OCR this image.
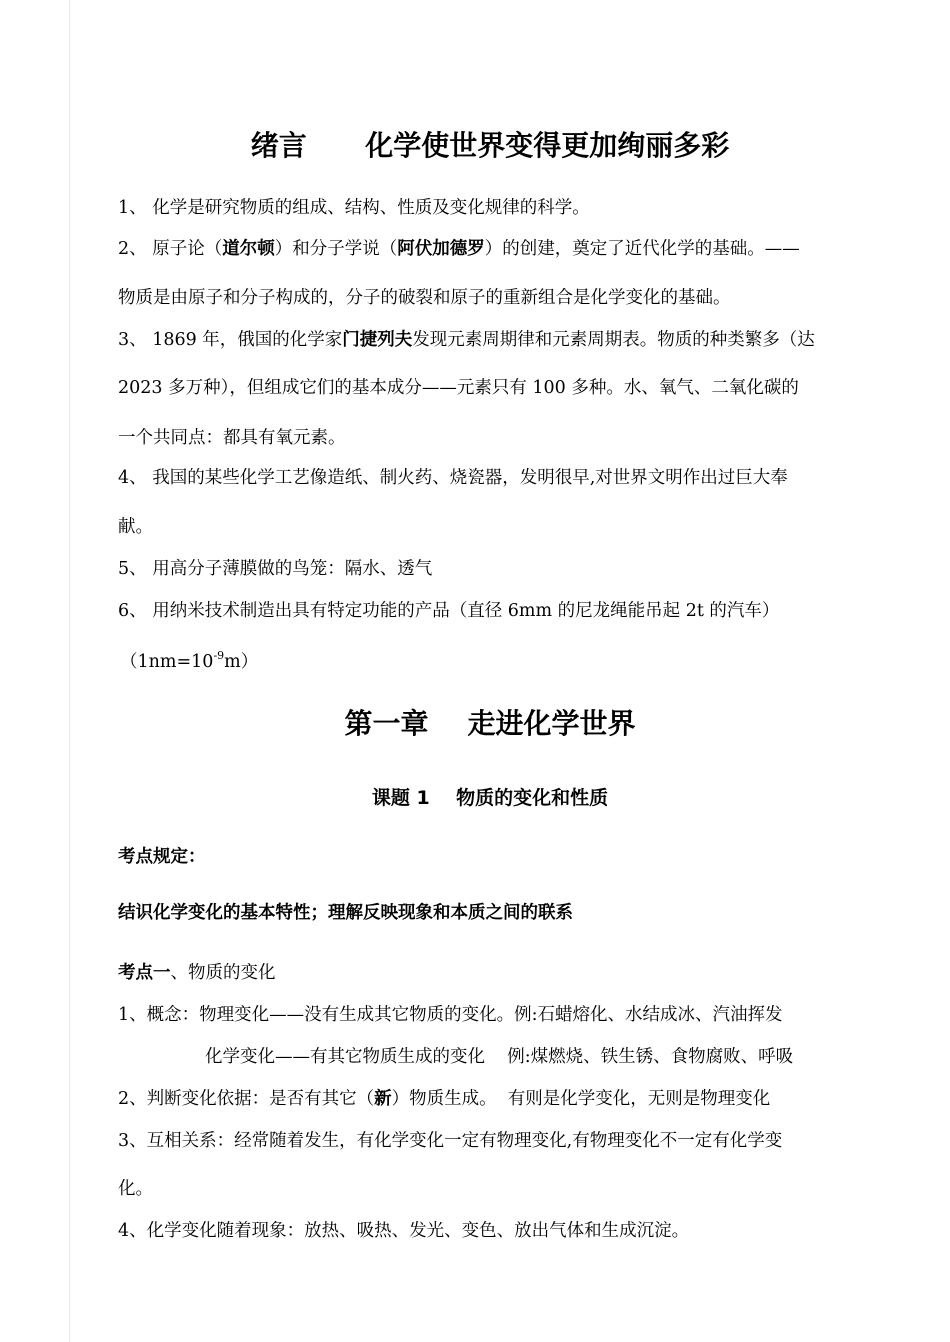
绪言      化学使世界变得更加绚丽多彩
1、 化学是研究物质的组成、结构、性质及变化规律的科学。
2、 原子论（道尔顿）和分子学说（阿伏加德罗）的创建，奠定了近代化学的基础。——
物质是由原子和分子构成的，分子的破裂和原子的重新组合是化学变化的基础。
3、 1869 年，俄国的化学家门捷列夫发现元素周期律和元素周期表。物质的种类繁多（达
2023 多万种），但组成它们的基本成分——元素只有 100 多种。水、氧气、二氧化碳的
一个共同点：都具有氧元素。
4、 我国的某些化学工艺像造纸、制火药、烧瓷器，发明很早,对世界文明作出过巨大奉
献。
5、 用高分子薄膜做的鸟笼：隔水、透气
6、 用纳米技术制造出具有特定功能的产品（直径 6mm 的尼龙绳能吊起 2t 的汽车）
$(1nm=10^{-9}m)$
第一章    走进化学世界
课题 1    物质的变化和性质
考点规定：
结识化学变化的基本特性；理解反映现象和本质之间的联系
考点一、物质的变化
1、概念：物理变化——没有生成其它物质的变化。例:石蜡熔化、水结成冰、汽油挥发
化学变化——有其它物质生成的变化    例:煤燃烧、铁生锈、食物腐败、呼吸
2、判断变化依据：是否有其它（新）物质生成。  有则是化学变化，无则是物理变化
3、互相关系：经常随着发生，有化学变化一定有物理变化,有物理变化不一定有化学变
化。
4、化学变化随着现象：放热、吸热、发光、变色、放出气体和生成沉淀。
